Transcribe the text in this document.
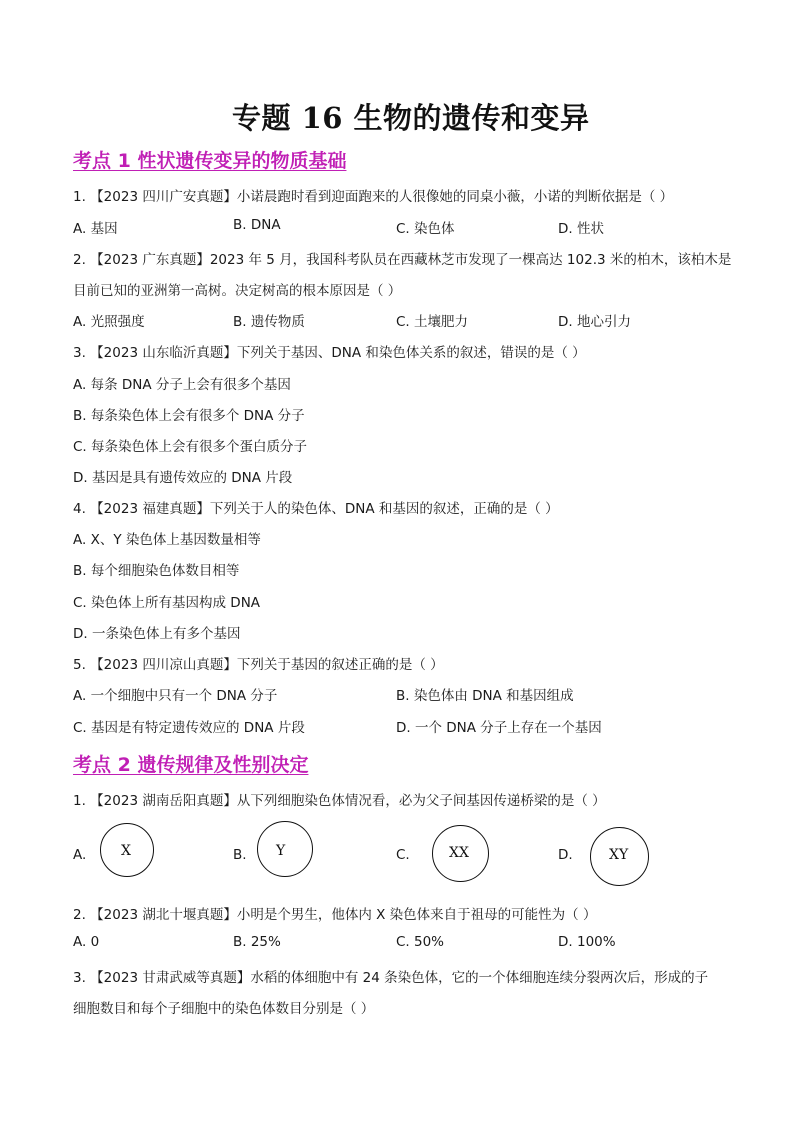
专题 16 生物的遗传和变异
考点 1 性状遗传变异的物质基础
1. 【2023 四川广安真题】小诺晨跑时看到迎面跑来的人很像她的同桌小薇，小诺的判断依据是（ ）
A. 基因	B. DNA	C. 染色体	D. 性状
2. 【2023 广东真题】2023 年 5 月，我国科考队员在西藏林芝市发现了一棵高达 102.3 米的柏木，该柏木是
目前已知的亚洲第一高树。决定树高的根本原因是（ ）
A. 光照强度	B. 遗传物质	C. 土壤肥力	D. 地心引力
3. 【2023 山东临沂真题】下列关于基因、DNA 和染色体关系的叙述，错误的是（ ）
A. 每条 DNA 分子上会有很多个基因
B. 每条染色体上会有很多个 DNA 分子
C. 每条染色体上会有很多个蛋白质分子
D. 基因是具有遗传效应的 DNA 片段
4. 【2023 福建真题】下列关于人的染色体、DNA 和基因的叙述，正确的是（ ）
A. X、Y 染色体上基因数量相等
B. 每个细胞染色体数目相等
C. 染色体上所有基因构成 DNA
D. 一条染色体上有多个基因
5. 【2023 四川凉山真题】下列关于基因的叙述正确的是（ ）
A. 一个细胞中只有一个 DNA 分子	B. 染色体由 DNA 和基因组成
C. 基因是有特定遗传效应的 DNA 片段	D. 一个 DNA 分子上存在一个基因
考点 2 遗传规律及性别决定
1. 【2023 湖南岳阳真题】从下列细胞染色体情况看，必为父子间基因传递桥梁的是（ ）
A. X	B. Y	C.	XX	D.	XY
2. 【2023 湖北十堰真题】小明是个男生，他体内 X 染色体来自于祖母的可能性为（ ）
A. 0	B. 25%	C. 50%	D. 100%
3. 【2023 甘肃武威等真题】水稻的体细胞中有 24 条染色体，它的一个体细胞连续分裂两次后，形成的子
细胞数目和每个子细胞中的染色体数目分别是（ ）
